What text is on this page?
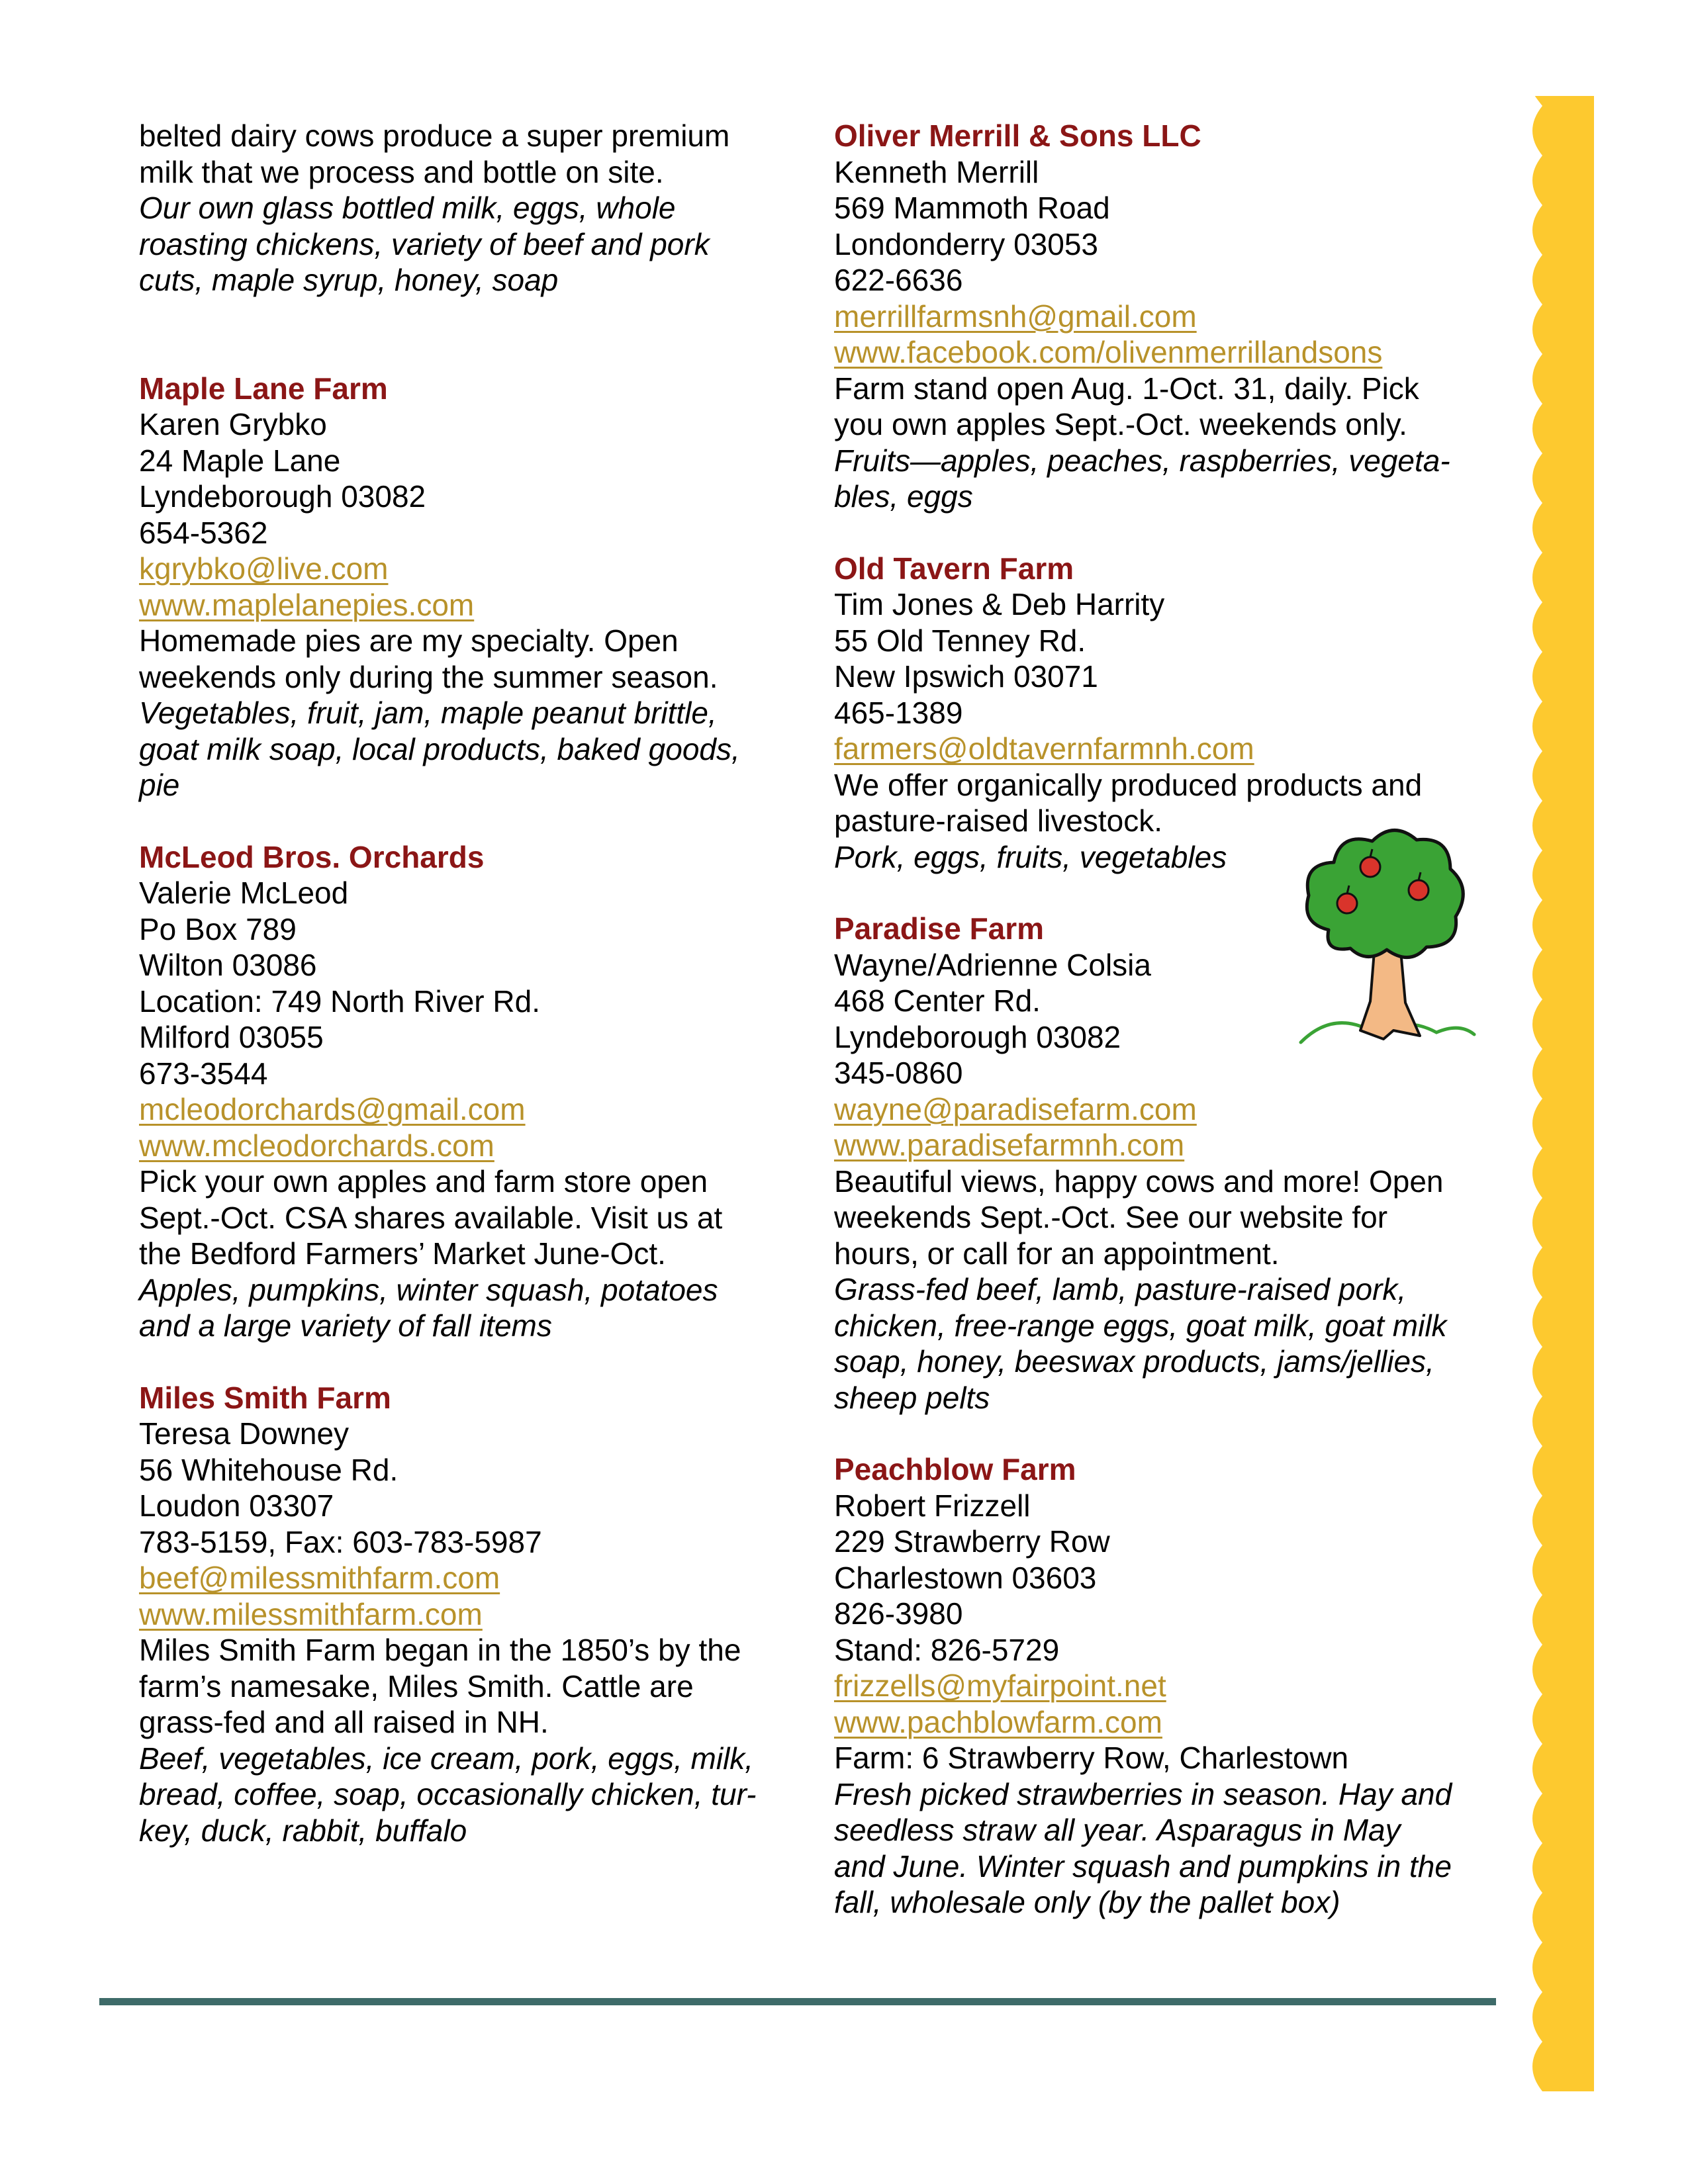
belted dairy cows produce a super premium
milk that we process and bottle on site.
Our own glass bottled milk, eggs, whole
roasting chickens, variety of beef and pork
cuts, maple syrup, honey, soap
Maple Lane Farm
Karen Grybko
24 Maple Lane
Lyndeborough 03082
654-5362
kgrybko@live.com
www.maplelanepies.com
Homemade pies are my specialty. Open
weekends only during the summer season.
Vegetables, fruit, jam, maple peanut brittle,
goat milk soap, local products, baked goods,
pie
McLeod Bros. Orchards
Valerie McLeod
Po Box 789
Wilton 03086
Location: 749 North River Rd.
Milford 03055
673-3544
mcleodorchards@gmail.com
www.mcleodorchards.com
Pick your own apples and farm store open
Sept.-Oct. CSA shares available. Visit us at
the Bedford Farmers’ Market June-Oct.
Apples, pumpkins, winter squash, potatoes
and a large variety of fall items
Miles Smith Farm
Teresa Downey
56 Whitehouse Rd.
Loudon 03307
783-5159, Fax: 603-783-5987
beef@milessmithfarm.com
www.milessmithfarm.com
Miles Smith Farm began in the 1850’s by the
farm’s namesake, Miles Smith. Cattle are
grass-fed and all raised in NH.
Beef, vegetables, ice cream, pork, eggs, milk,
bread, coffee, soap, occasionally chicken, tur-
key, duck, rabbit, buffalo
Oliver Merrill & Sons LLC
Kenneth Merrill
569 Mammoth Road
Londonderry 03053
622-6636
merrillfarmsnh@gmail.com
www.facebook.com/olivenmerrillandsons
Farm stand open Aug. 1-Oct. 31, daily. Pick
you own apples Sept.-Oct. weekends only.
Fruits—apples, peaches, raspberries, vegeta-
bles, eggs
Old Tavern Farm
Tim Jones & Deb Harrity
55 Old Tenney Rd.
New Ipswich 03071
465-1389
farmers@oldtavernfarmnh.com
We offer organically produced products and
pasture-raised livestock.
Pork, eggs, fruits, vegetables
Paradise Farm
Wayne/Adrienne Colsia
468 Center Rd.
Lyndeborough 03082
345-0860
wayne@paradisefarm.com
www.paradisefarmnh.com
Beautiful views, happy cows and more! Open
weekends Sept.-Oct. See our website for
hours, or call for an appointment.
Grass-fed beef, lamb, pasture-raised pork,
chicken, free-range eggs, goat milk, goat milk
soap, honey, beeswax products, jams/jellies,
sheep pelts
Peachblow Farm
Robert Frizzell
229 Strawberry Row
Charlestown 03603
826-3980
Stand: 826-5729
frizzells@myfairpoint.net
www.pachblowfarm.com
Farm: 6 Strawberry Row, Charlestown
Fresh picked strawberries in season. Hay and
seedless straw all year. Asparagus in May
and June. Winter squash and pumpkins in the
fall, wholesale only (by the pallet box)
